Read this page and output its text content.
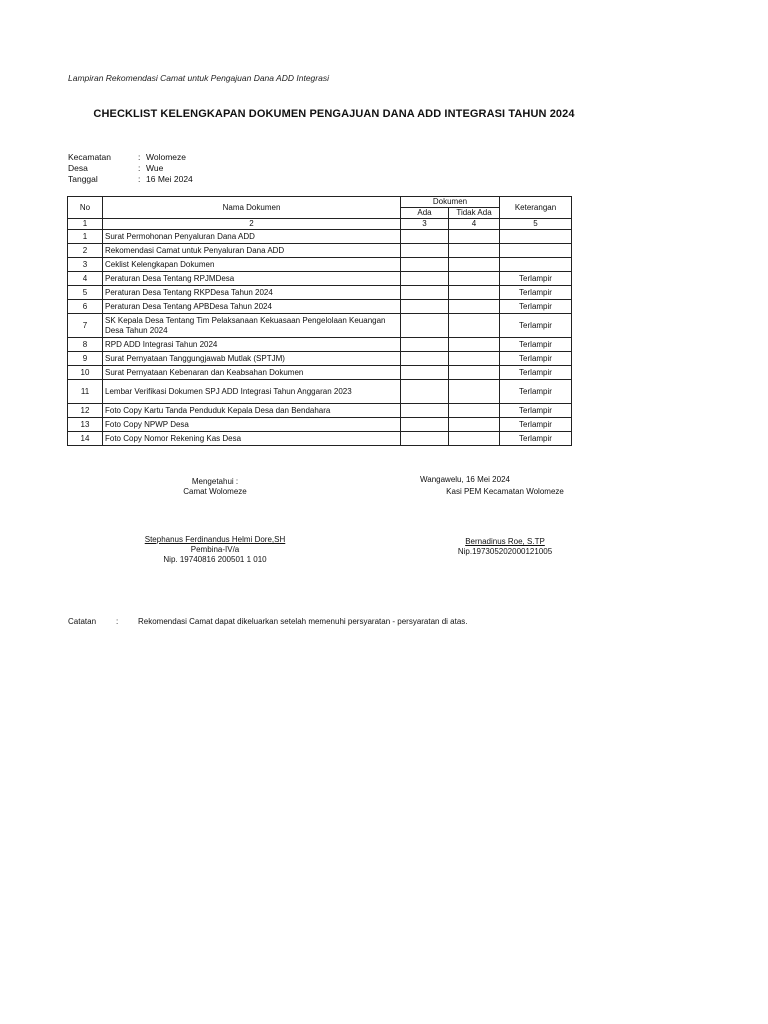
Lampiran Rekomendasi Camat untuk Pengajuan Dana ADD Integrasi
CHECKLIST KELENGKAPAN DOKUMEN PENGAJUAN DANA ADD INTEGRASI TAHUN 2024
Kecamatan	: Wolomeze
Desa	: Wue
Tanggal	: 16 Mei 2024
No	Nama Dokumen	Dokumen		Keterangan
		Ada	Tidak Ada	
1	2	3	4	5
1	Surat Permohonan Penyaluran Dana ADD			
2	Rekomendasi Camat untuk Penyaluran Dana ADD			
3	Ceklist Kelengkapan Dokumen			
4	Peraturan Desa Tentang RPJMDesa			Terlampir
5	Peraturan Desa Tentang RKPDesa Tahun 2024			Terlampir
6	Peraturan Desa Tentang APBDesa Tahun 2024			Terlampir
7	SK Kepala Desa Tentang Tim Pelaksanaan Kekuasaan Pengelolaan Keuangan Desa Tahun 2024			Terlampir
8	RPD ADD Integrasi Tahun 2024			Terlampir
9	Surat Pernyataan Tanggungjawab Mutlak (SPTJM)			Terlampir
10	Surat Pernyataan Kebenaran dan Keabsahan Dokumen			Terlampir
11	Lembar Verifikasi Dokumen SPJ ADD Integrasi Tahun Anggaran 2023			Terlampir
12	Foto Copy Kartu Tanda Penduduk Kepala Desa dan Bendahara			Terlampir
13	Foto Copy NPWP Desa			Terlampir
14	Foto Copy Nomor Rekening Kas Desa			Terlampir
Mengetahui :
Camat Wolomeze
Stephanus Ferdinandus Helmi Dore,SH
Pembina-IV/a
Nip. 19740816 200501 1 010
Wangawelu, 16 Mei 2024
Kasi PEM Kecamatan Wolomeze
Bernadinus Roe, S.TP
Nip.197305202000121005
Catatan	:	Rekomendasi Camat dapat dikeluarkan setelah memenuhi persyaratan - persyaratan di atas.
